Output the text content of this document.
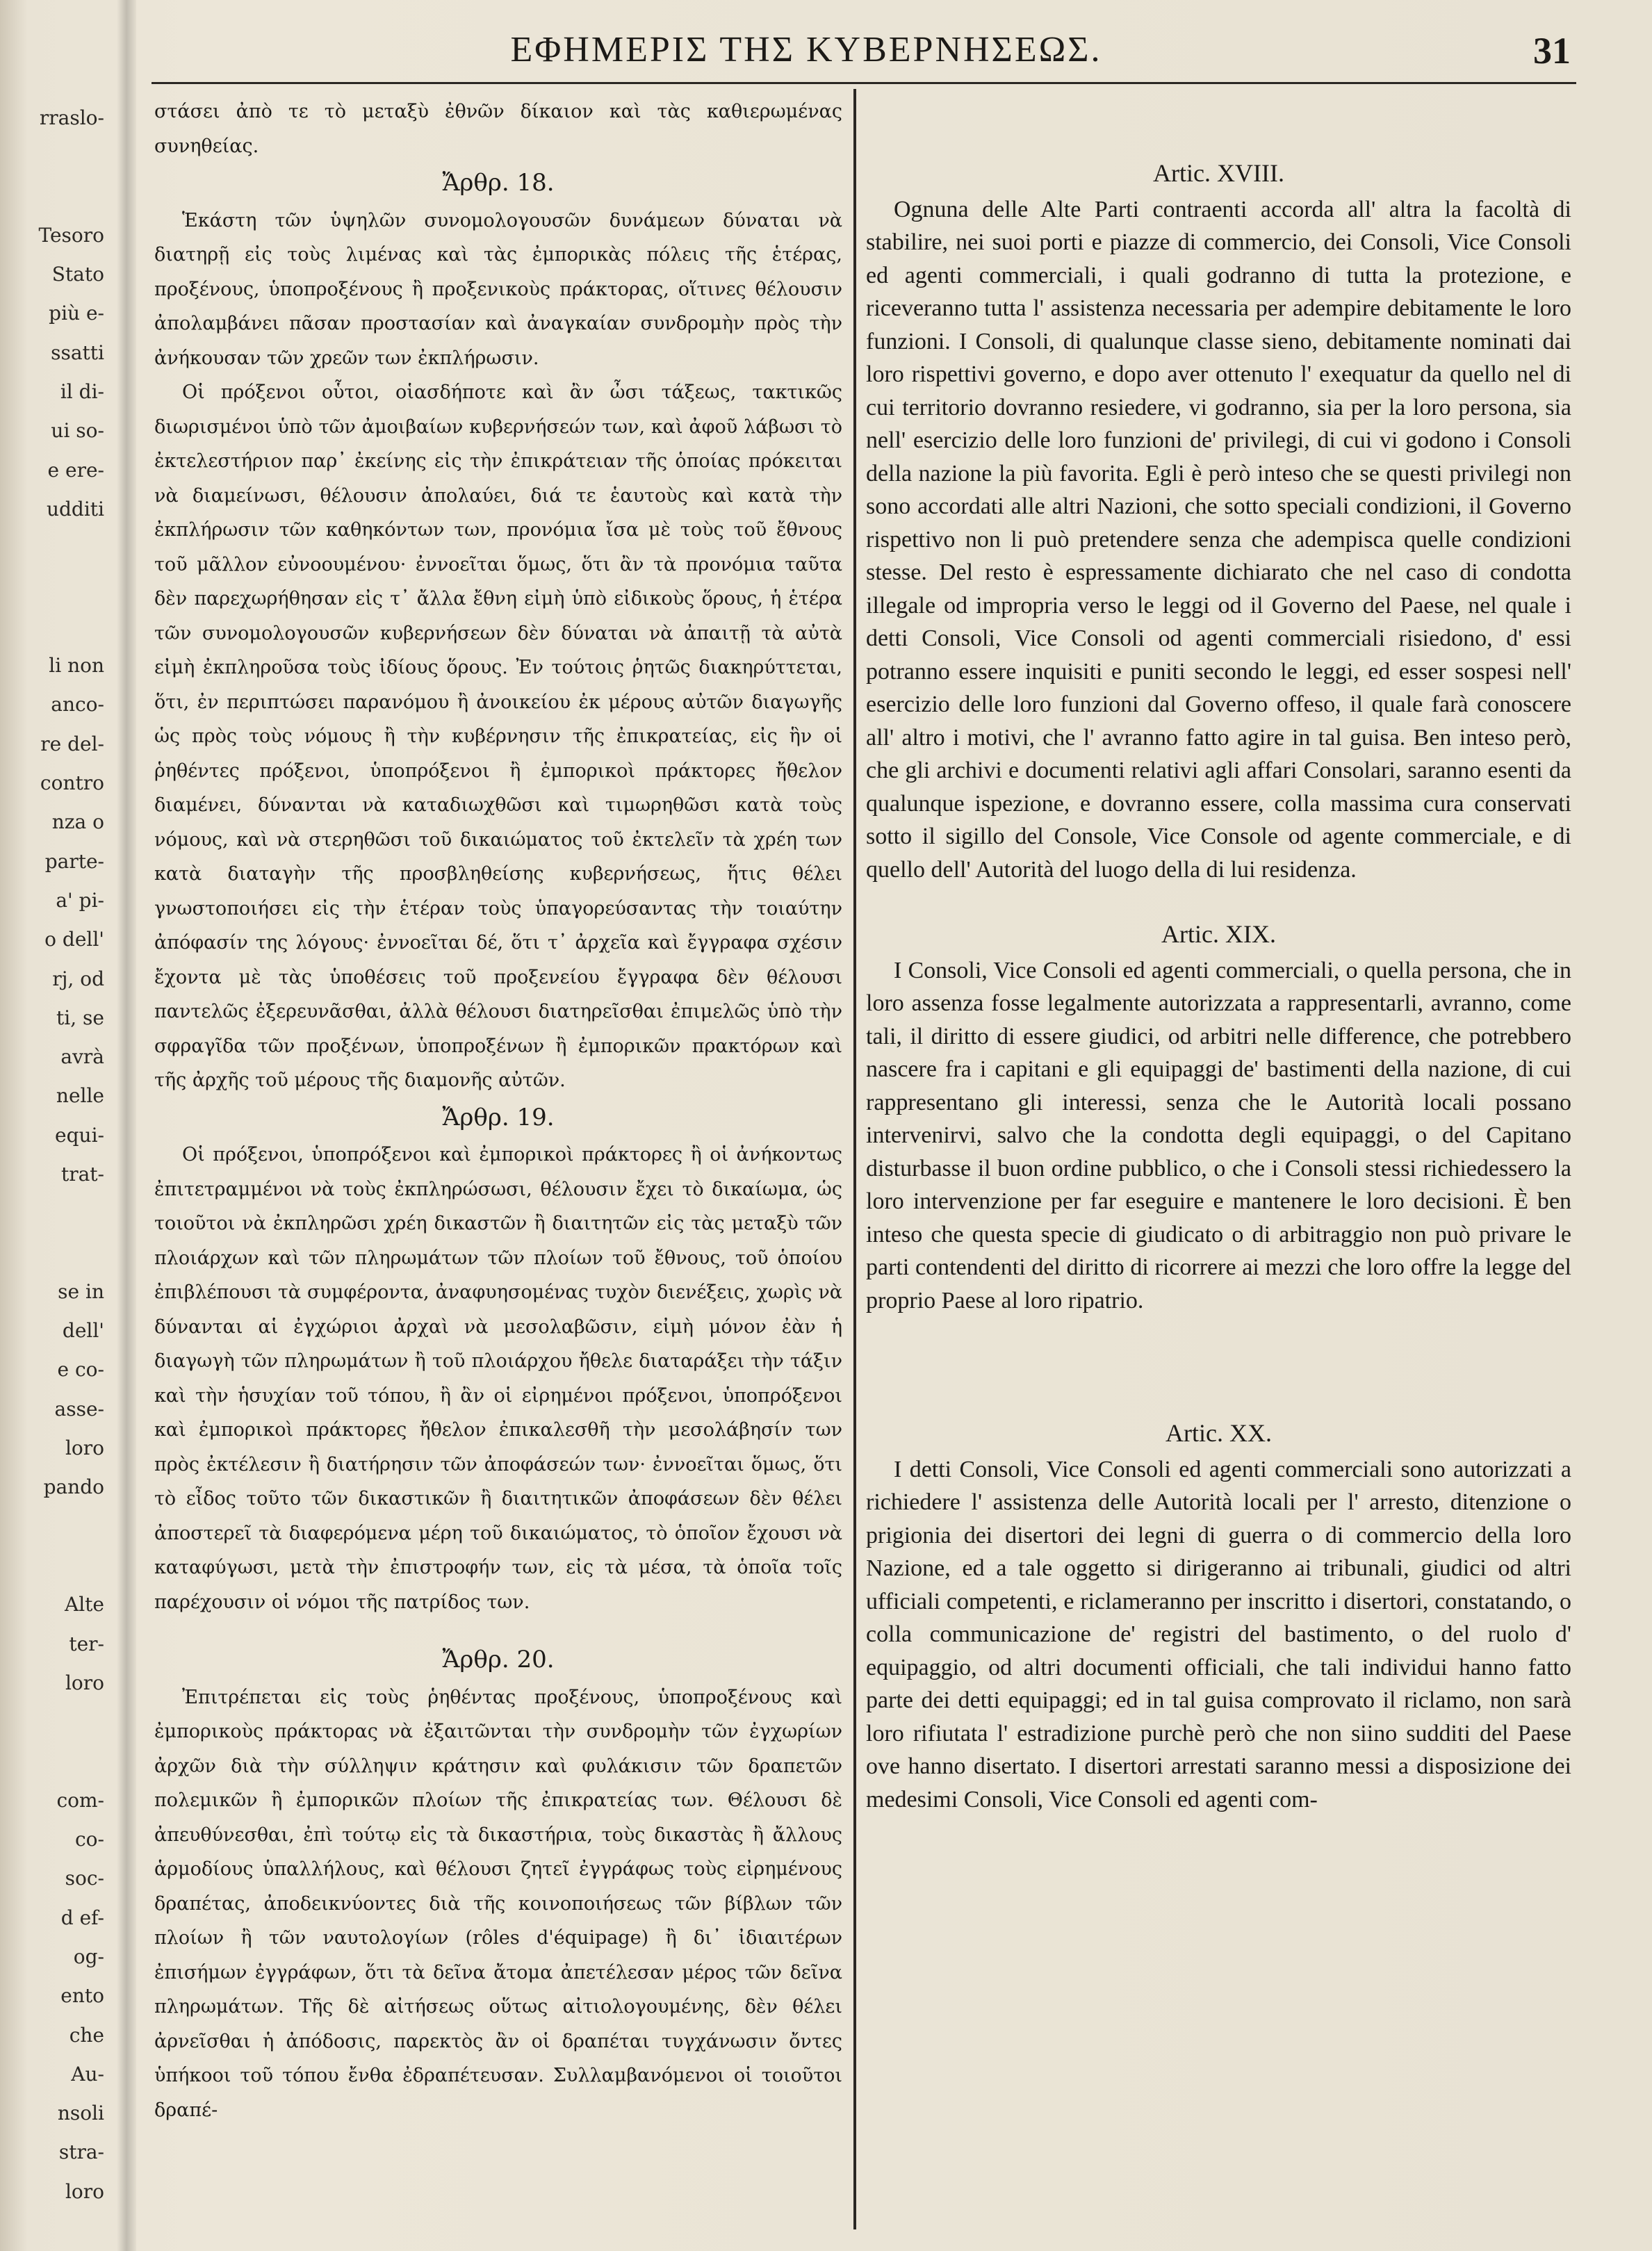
rraslo-
Tesoro
Stato
più e-
ssatti
il di-
ui so-
e ere-
udditi
li non
anco-
re del-
contro
nza o
parte-
a' pi-
o dell'
rj, od
ti, se
avrà
nelle
equi-
trat-
se in
dell'
e co-
asse-
loro
pando
Alte
ter-
loro
com-
co-
soc-
d ef-
og-
ento
che
Au-
nsoli
stra-
loro
ΕΦΗΜΕΡΙΣ ΤΗΣ ΚΥΒΕΡΝΗΣΕΩΣ.	31

στάσει ἀπὸ τε τὸ μεταξὺ ἐθνῶν δίκαιον καὶ τὰς καθιερωμένας συνηθείας.

Ἄρθρ. 18.

Ἑκάστη τῶν ὑψηλῶν συνομολογουσῶν δυνάμεων δύναται νὰ διατηρῇ εἰς τοὺς λιμένας καὶ τὰς ἐμπορικὰς πόλεις τῆς ἑτέρας, προξένους, ὑποπροξένους ἢ προξενικοὺς πράκτορας, οἵτινες θέλουσιν ἀπολαμβάνει πᾶσαν προστασίαν καὶ ἀναγκαίαν συνδρομὴν πρὸς τὴν ἀνήκουσαν τῶν χρεῶν των ἐκπλήρωσιν.

Οἱ πρόξενοι οὗτοι, οἱασδήποτε καὶ ἂν ὦσι τάξεως, τακτικῶς διωρισμένοι ὑπὸ τῶν ἀμοιβαίων κυβερνήσεών των, καὶ ἀφοῦ λάβωσι τὸ ἐκτελεστήριον παρ᾽ ἐκείνης εἰς τὴν ἐπικράτειαν τῆς ὁποίας πρόκειται νὰ διαμείνωσι, θέλουσιν ἀπολαύει, διά τε ἑαυτοὺς καὶ κατὰ τὴν ἐκπλήρωσιν τῶν καθηκόντων των, προνόμια ἴσα μὲ τοὺς τοῦ ἔθνους τοῦ μᾶλλον εὐνοουμένου· ἐννοεῖται ὅμως, ὅτι ἂν τὰ προνόμια ταῦτα δὲν παρεχωρήθησαν εἰς τ᾽ ἄλλα ἔθνη εἰμὴ ὑπὸ εἰδικοὺς ὅρους, ἡ ἑτέρα τῶν συνομολογουσῶν κυβερνήσεων δὲν δύναται νὰ ἀπαιτῇ τὰ αὐτὰ εἰμὴ ἐκπληροῦσα τοὺς ἰδίους ὅρους. Ἐν τούτοις ῥητῶς διακηρύττεται, ὅτι, ἐν περιπτώσει παρανόμου ἢ ἀνοικείου ἐκ μέρους αὐτῶν διαγωγῆς ὡς πρὸς τοὺς νόμους ἢ τὴν κυβέρνησιν τῆς ἐπικρατείας, εἰς ἣν οἱ ῥηθέντες πρόξενοι, ὑποπρόξενοι ἢ ἐμπορικοὶ πράκτορες ἤθελον διαμένει, δύνανται νὰ καταδιωχθῶσι καὶ τιμωρηθῶσι κατὰ τοὺς νόμους, καὶ νὰ στερηθῶσι τοῦ δικαιώματος τοῦ ἐκτελεῖν τὰ χρέη των κατὰ διαταγὴν τῆς προσβληθείσης κυβερνήσεως, ἥτις θέλει γνωστοποιήσει εἰς τὴν ἑτέραν τοὺς ὑπαγορεύσαντας τὴν τοιαύτην ἀπόφασίν της λόγους· ἐννοεῖται δέ, ὅτι τ᾽ ἀρχεῖα καὶ ἔγγραφα σχέσιν ἔχοντα μὲ τὰς ὑποθέσεις τοῦ προξενείου ἔγγραφα δὲν θέλουσι παντελῶς ἐξερευνᾶσθαι, ἀλλὰ θέλουσι διατηρεῖσθαι ἐπιμελῶς ὑπὸ τὴν σφραγῖδα τῶν προξένων, ὑποπροξένων ἢ ἐμπορικῶν πρακτόρων καὶ τῆς ἀρχῆς τοῦ μέρους τῆς διαμονῆς αὐτῶν.

Ἄρθρ. 19.

Οἱ πρόξενοι, ὑποπρόξενοι καὶ ἐμπορικοὶ πράκτορες ἢ οἱ ἀνήκοντως ἐπιτετραμμένοι νὰ τοὺς ἐκπληρώσωσι, θέλουσιν ἔχει τὸ δικαίωμα, ὡς τοιοῦτοι νὰ ἐκπληρῶσι χρέη δικαστῶν ἢ διαιτητῶν εἰς τὰς μεταξὺ τῶν πλοιάρχων καὶ τῶν πληρωμάτων τῶν πλοίων τοῦ ἔθνους, τοῦ ὁποίου ἐπιβλέπουσι τὰ συμφέροντα, ἀναφυησομένας τυχὸν διενέξεις, χωρὶς νὰ δύνανται αἱ ἐγχώριοι ἀρχαὶ νὰ μεσολαβῶσιν, εἰμὴ μόνον ἐὰν ἡ διαγωγὴ τῶν πληρωμάτων ἢ τοῦ πλοιάρχου ἤθελε διαταράξει τὴν τάξιν καὶ τὴν ἡσυχίαν τοῦ τόπου, ἢ ἂν οἱ εἰρημένοι πρόξενοι, ὑποπρόξενοι καὶ ἐμπορικοὶ πράκτορες ἤθελον ἐπικαλεσθῆ τὴν μεσολάβησίν των πρὸς ἐκτέλεσιν ἢ διατήρησιν τῶν ἀποφάσεών των· ἐννοεῖται ὅμως, ὅτι τὸ εἶδος τοῦτο τῶν δικαστικῶν ἢ διαιτητικῶν ἀποφάσεων δὲν θέλει ἀποστερεῖ τὰ διαφερόμενα μέρη τοῦ δικαιώματος, τὸ ὁποῖον ἔχουσι νὰ καταφύγωσι, μετὰ τὴν ἐπιστροφήν των, εἰς τὰ μέσα, τὰ ὁποῖα τοῖς παρέχουσιν οἱ νόμοι τῆς πατρίδος των.

Ἄρθρ. 20.

Ἐπιτρέπεται εἰς τοὺς ῥηθέντας προξένους, ὑποπροξένους καὶ ἐμπορικοὺς πράκτορας νὰ ἐξαιτῶνται τὴν συνδρομὴν τῶν ἐγχωρίων ἀρχῶν διὰ τὴν σύλληψιν κράτησιν καὶ φυλάκισιν τῶν δραπετῶν πολεμικῶν ἢ ἐμπορικῶν πλοίων τῆς ἐπικρατείας των. Θέλουσι δὲ ἀπευθύνεσθαι, ἐπὶ τούτῳ εἰς τὰ δικαστήρια, τοὺς δικαστὰς ἢ ἄλλους ἁρμοδίους ὑπαλλήλους, καὶ θέλουσι ζητεῖ ἐγγράφως τοὺς εἰρημένους δραπέτας, ἀποδεικνύοντες διὰ τῆς κοινοποιήσεως τῶν βίβλων τῶν πλοίων ἢ τῶν ναυτολογίων (rôles d'équipage) ἢ δι᾽ ἰδιαιτέρων ἐπισήμων ἐγγράφων, ὅτι τὰ δεῖνα ἄτομα ἀπετέλεσαν μέρος τῶν δεῖνα πληρωμάτων. Τῆς δὲ αἰτήσεως οὕτως αἰτιολογουμένης, δὲν θέλει ἀρνεῖσθαι ἡ ἀπόδοσις, παρεκτὸς ἂν οἱ δραπέται τυγχάνωσιν ὄντες ὑπήκοοι τοῦ τόπου ἔνθα ἐδραπέτευσαν. Συλλαμβανόμενοι οἱ τοιοῦτοι δραπέ-

Artic. XVIII.

Ognuna delle Alte Parti contraenti accorda all' altra la facoltà di stabilire, nei suoi porti e piazze di commercio, dei Consoli, Vice Consoli ed agenti commerciali, i quali godranno di tutta la protezione, e riceveranno tutta l' assistenza necessaria per adempire debitamente le loro funzioni. I Consoli, di qualunque classe sieno, debitamente nominati dai loro rispettivi governo, e dopo aver ottenuto l' exequatur da quello nel di cui territorio dovranno resiedere, vi godranno, sia per la loro persona, sia nell' esercizio delle loro funzioni de' privilegi, di cui vi godono i Consoli della nazione la più favorita. Egli è però inteso che se questi privilegi non sono accordati alle altri Nazioni, che sotto speciali condizioni, il Governo rispettivo non li può pretendere senza che adempisca quelle condizioni stesse. Del resto è espressamente dichiarato che nel caso di condotta illegale od impropria verso le leggi od il Governo del Paese, nel quale i detti Consoli, Vice Consoli od agenti commerciali risiedono, d' essi potranno essere inquisiti e puniti secondo le leggi, ed esser sospesi nell' esercizio delle loro funzioni dal Governo offeso, il quale farà conoscere all' altro i motivi, che l' avranno fatto agire in tal guisa. Ben inteso però, che gli archivi e documenti relativi agli affari Consolari, saranno esenti da qualunque ispezione, e dovranno essere, colla massima cura conservati sotto il sigillo del Console, Vice Console od agente commerciale, e di quello dell' Autorità del luogo della di lui residenza.

Artic. XIX.

I Consoli, Vice Consoli ed agenti commerciali, o quella persona, che in loro assenza fosse legalmente autorizzata a rappresentarli, avranno, come tali, il diritto di essere giudici, od arbitri nelle difference, che potrebbero nascere fra i capitani e gli equipaggi de' bastimenti della nazione, di cui rappresentano gli interessi, senza che le Autorità locali possano intervenirvi, salvo che la condotta degli equipaggi, o del Capitano disturbasse il buon ordine pubblico, o che i Consoli stessi richiedessero la loro intervenzione per far eseguire e mantenere le loro decisioni. È ben inteso che questa specie di giudicato o di arbitraggio non può privare le parti contendenti del diritto di ricorrere ai mezzi che loro offre la legge del proprio Paese al loro ripatrio.

Artic. XX.

I detti Consoli, Vice Consoli ed agenti commerciali sono autorizzati a richiedere l' assistenza delle Autorità locali per l' arresto, ditenzione o prigionia dei disertori dei legni di guerra o di commercio della loro Nazione, ed a tale oggetto si dirigeranno ai tribunali, giudici od altri ufficiali competenti, e riclameranno per inscritto i disertori, constatando, o colla communicazione de' registri del bastimento, o del ruolo d' equipaggio, od altri documenti officiali, che tali individui hanno fatto parte dei detti equipaggi; ed in tal guisa comprovato il riclamo, non sarà loro rifiutata l' estradizione purchè però che non siino sudditi del Paese ove hanno disertato. I disertori arrestati saranno messi a disposizione dei medesimi Consoli, Vice Consoli ed agenti com-
